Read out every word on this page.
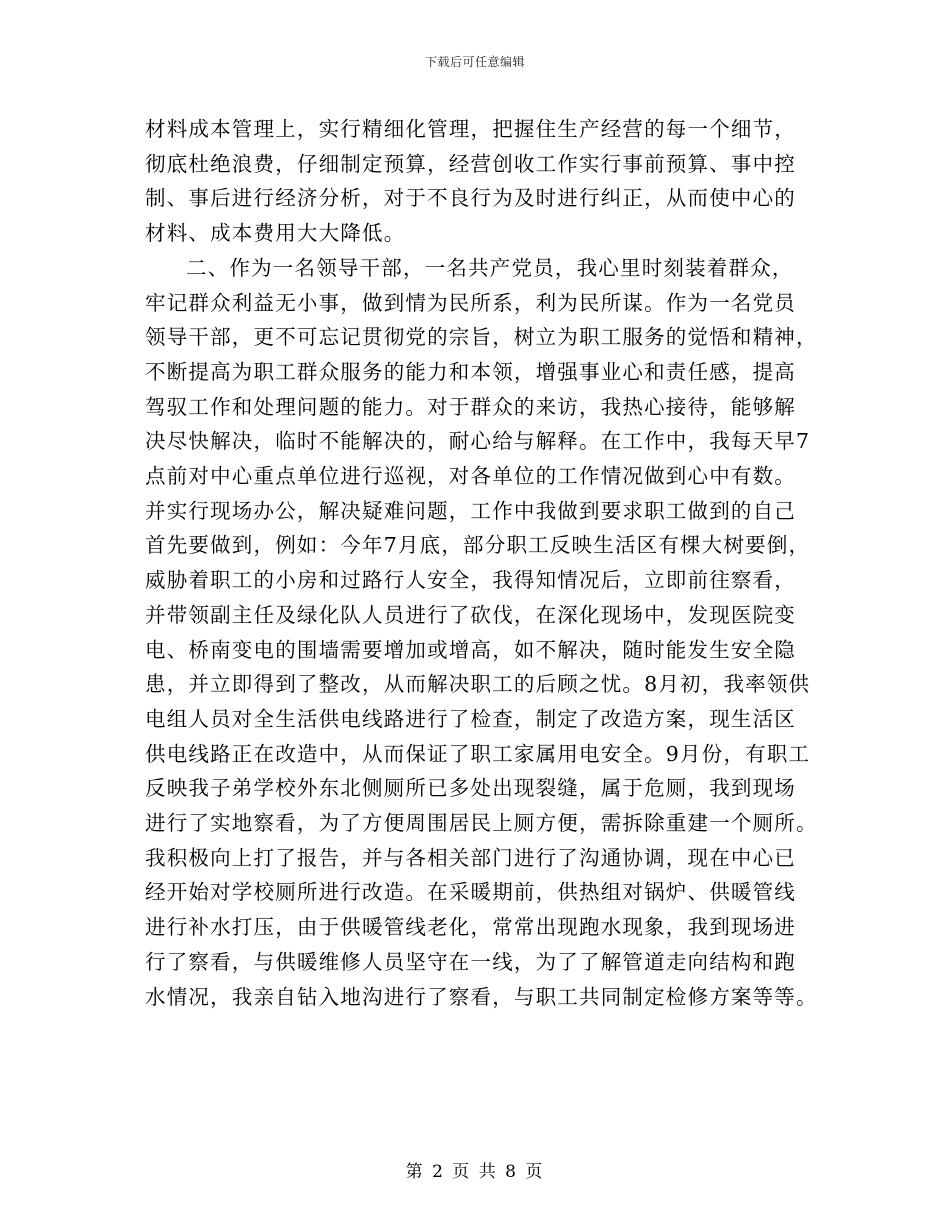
下载后可任意编辑
材料成本管理上，实行精细化管理，把握住生产经营的每一个细节，
彻底杜绝浪费，仔细制定预算，经营创收工作实行事前预算、事中控
制、事后进行经济分析，对于不良行为及时进行纠正，从而使中心的
材料、成本费用大大降低。
二、作为一名领导干部，一名共产党员，我心里时刻装着群众，
牢记群众利益无小事，做到情为民所系，利为民所谋。作为一名党员
领导干部，更不可忘记贯彻党的宗旨，树立为职工服务的觉悟和精神，
不断提高为职工群众服务的能力和本领，增强事业心和责任感，提高
驾驭工作和处理问题的能力。对于群众的来访，我热心接待，能够解
决尽快解决，临时不能解决的，耐心给与解释。在工作中，我每天早7
点前对中心重点单位进行巡视，对各单位的工作情况做到心中有数。
并实行现场办公，解决疑难问题，工作中我做到要求职工做到的自己
首先要做到，例如：今年7月底，部分职工反映生活区有棵大树要倒，
威胁着职工的小房和过路行人安全，我得知情况后，立即前往察看，
并带领副主任及绿化队人员进行了砍伐，在深化现场中，发现医院变
电、桥南变电的围墙需要增加或增高，如不解决，随时能发生安全隐
患，并立即得到了整改，从而解决职工的后顾之忧。8月初，我率领供
电组人员对全生活供电线路进行了检查，制定了改造方案，现生活区
供电线路正在改造中，从而保证了职工家属用电安全。9月份，有职工
反映我子弟学校外东北侧厕所已多处出现裂缝，属于危厕，我到现场
进行了实地察看，为了方便周围居民上厕方便，需拆除重建一个厕所。
我积极向上打了报告，并与各相关部门进行了沟通协调，现在中心已
经开始对学校厕所进行改造。在采暖期前，供热组对锅炉、供暖管线
进行补水打压，由于供暖管线老化，常常出现跑水现象，我到现场进
行了察看，与供暖维修人员坚守在一线，为了了解管道走向结构和跑
水情况，我亲自钻入地沟进行了察看，与职工共同制定检修方案等等。
第 2 页 共 8 页
